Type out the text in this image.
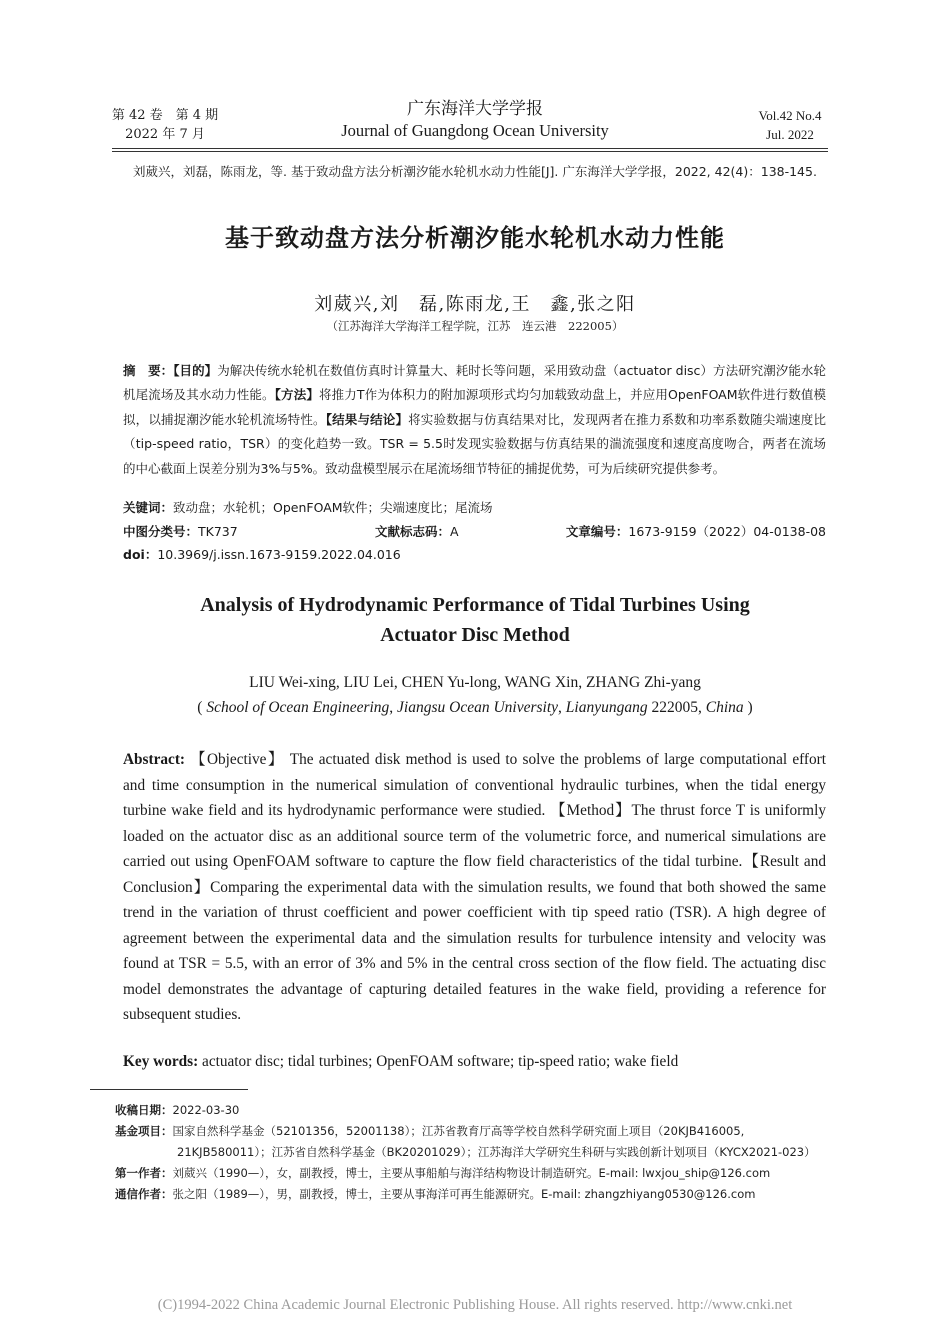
第 42 卷　第 4 期
2022 年 7 月
广东海洋大学学报
Journal of Guangdong Ocean University
Vol.42 No.4
Jul. 2022
刘葳兴，刘磊，陈雨龙，等. 基于致动盘方法分析潮汐能水轮机水动力性能[J]. 广东海洋大学学报，2022, 42(4)：138-145.
基于致动盘方法分析潮汐能水轮机水动力性能
刘葳兴,刘　磊,陈雨龙,王　鑫,张之阳
（江苏海洋大学海洋工程学院，江苏　连云港　222005）
摘　要：【目的】为解决传统水轮机在数值仿真时计算量大、耗时长等问题，采用致动盘（actuator disc）方法研究潮汐能水轮机尾流场及其水动力性能。【方法】将推力T作为体积力的附加源项形式均匀加载致动盘上，并应用OpenFOAM软件进行数值模拟，以捕捉潮汐能水轮机流场特性。【结果与结论】将实验数据与仿真结果对比，发现两者在推力系数和功率系数随尖端速度比（tip-speed ratio，TSR）的变化趋势一致。TSR = 5.5时发现实验数据与仿真结果的湍流强度和速度高度吻合，两者在流场的中心截面上误差分别为3%与5%。致动盘模型展示在尾流场细节特征的捕捉优势，可为后续研究提供参考。
关键词：致动盘；水轮机；OpenFOAM软件；尖端速度比；尾流场
中图分类号：TK737	文献标志码：A	文章编号：1673-9159（2022）04-0138-08
doi：10.3969/j.issn.1673-9159.2022.04.016
Analysis of Hydrodynamic Performance of Tidal Turbines Using
Actuator Disc Method
LIU Wei-xing, LIU Lei, CHEN Yu-long, WANG Xin, ZHANG Zhi-yang
( School of Ocean Engineering, Jiangsu Ocean University, Lianyungang 222005, China )
Abstract: 【Objective】 The actuated disk method is used to solve the problems of large computational effort and time consumption in the numerical simulation of conventional hydraulic turbines, when the tidal energy turbine wake field and its hydrodynamic performance were studied. 【Method】The thrust force T is uniformly loaded on the actuator disc as an additional source term of the volumetric force, and numerical simulations are carried out using OpenFOAM software to capture the flow field characteristics of the tidal turbine.【Result and Conclusion】Comparing the experimental data with the simulation results, we found that both showed the same trend in the variation of thrust coefficient and power coefficient with tip speed ratio (TSR). A high degree of agreement between the experimental data and the simulation results for turbulence intensity and velocity was found at TSR = 5.5, with an error of 3% and 5% in the central cross section of the flow field. The actuating disc model demonstrates the advantage of capturing detailed features in the wake field, providing a reference for subsequent studies.
Key words: actuator disc; tidal turbines; OpenFOAM software; tip-speed ratio; wake field
收稿日期：2022-03-30
基金项目：国家自然科学基金（52101356，52001138）；江苏省教育厅高等学校自然科学研究面上项目（20KJB416005,
21KJB580011）；江苏省自然科学基金（BK20201029）；江苏海洋大学研究生科研与实践创新计划项目（KYCX2021-023）
第一作者：刘葳兴（1990—），女，副教授，博士，主要从事船舶与海洋结构物设计制造研究。E-mail: lwxjou_ship@126.com
通信作者：张之阳（1989—），男，副教授，博士，主要从事海洋可再生能源研究。E-mail: zhangzhiyang0530@126.com
(C)1994-2022 China Academic Journal Electronic Publishing House. All rights reserved. http://www.cnki.net
